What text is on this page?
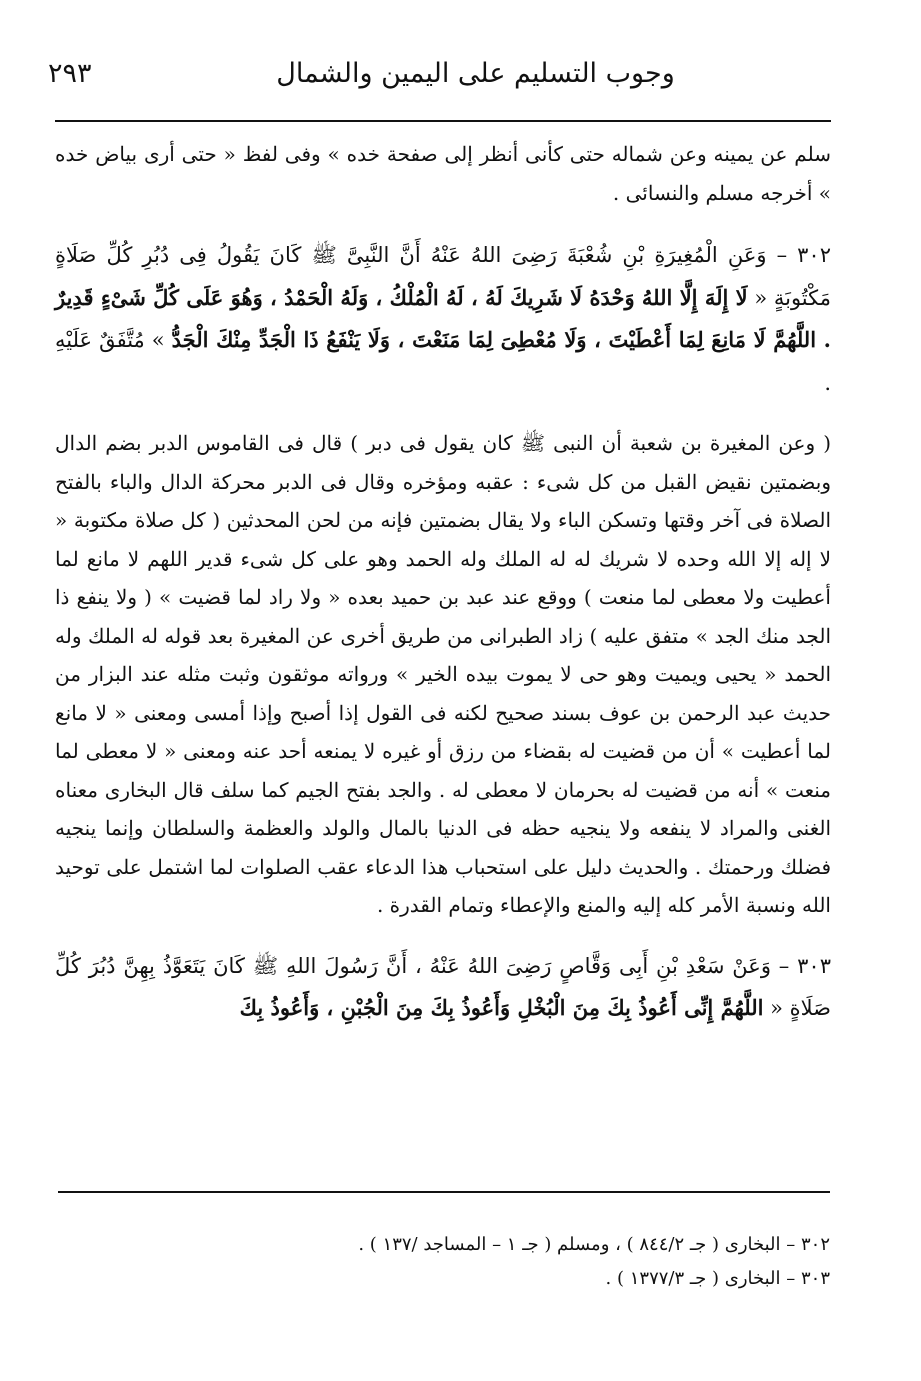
وجوب التسليم على اليمين والشمال
٢٩٣

سلم عن يمينه وعن شماله حتى كأنى أنظر إلى صفحة خده » وفى لفظ « حتى أرى بياض خده » أخرجه مسلم والنسائى .

٣٠٢ – وَعَنِ الْمُغِيرَةِ بْنِ شُعْبَةَ رَضِىَ اللهُ عَنْهُ أَنَّ النَّبِىَّ ﷺ كَانَ يَقُولُ فِى دُبُرِ كُلِّ صَلَاةٍ مَكْتُوبَةٍ « لَا إِلَهَ إِلَّا اللهُ وَحْدَهُ لَا شَرِيكَ لَهُ ، لَهُ الْمُلْكُ ، وَلَهُ الْحَمْدُ ، وَهُوَ عَلَى كُلِّ شَىْءٍ قَدِيرٌ . اللَّهُمَّ لَا مَانِعَ لِمَا أَعْطَيْتَ ، وَلَا مُعْطِىَ لِمَا مَنَعْتَ ، وَلَا يَنْفَعُ ذَا الْجَدِّ مِنْكَ الْجَدُّ » مُتَّفَقٌ عَلَيْهِ .

( وعن المغيرة بن شعبة أن النبى ﷺ كان يقول فى دبر ) قال فى القاموس الدبر بضم الدال وبضمتين نقيض القبل من كل شىء : عقبه ومؤخره وقال فى الدبر محركة الدال والباء بالفتح الصلاة فى آخر وقتها وتسكن الباء ولا يقال بضمتين فإنه من لحن المحدثين ( كل صلاة مكتوبة « لا إله إلا الله وحده لا شريك له له الملك وله الحمد وهو على كل شىء قدير اللهم لا مانع لما أعطيت ولا معطى لما منعت ) ووقع عند عبد بن حميد بعده « ولا راد لما قضيت » ( ولا ينفع ذا الجد منك الجد » متفق عليه ) زاد الطبرانى من طريق أخرى عن المغيرة بعد قوله له الملك وله الحمد « يحيى ويميت وهو حى لا يموت بيده الخير » ورواته موثقون وثبت مثله عند البزار من حديث عبد الرحمن بن عوف بسند صحيح لكنه فى القول إذا أصبح وإذا أمسى ومعنى « لا مانع لما أعطيت » أن من قضيت له بقضاء من رزق أو غيره لا يمنعه أحد عنه ومعنى « لا معطى لما منعت » أنه من قضيت له بحرمان لا معطى له . والجد بفتح الجيم كما سلف قال البخارى معناه الغنى والمراد لا ينفعه ولا ينجيه حظه فى الدنيا بالمال والولد والعظمة والسلطان وإنما ينجيه فضلك ورحمتك . والحديث دليل على استحباب هذا الدعاء عقب الصلوات لما اشتمل على توحيد الله ونسبة الأمر كله إليه والمنع والإعطاء وتمام القدرة .

٣٠٣ – وَعَنْ سَعْدِ بْنِ أَبِى وَقَّاصٍ رَضِىَ اللهُ عَنْهُ ، أَنَّ رَسُولَ اللهِ ﷺ كَانَ يَتَعَوَّذُ بِهِنَّ دُبُرَ كُلِّ صَلَاةٍ « اللَّهُمَّ إِنِّى أَعُوذُ بِكَ مِنَ الْبُخْلِ وَأَعُوذُ بِكَ مِنَ الْجُبْنِ ، وَأَعُوذُ بِكَ

٣٠٢ – البخارى ( جـ ٨٤٤/٢ ) ، ومسلم ( جـ ١ – المساجد /١٣٧ ) .

٣٠٣ – البخارى ( جـ ١٣٧٧/٣ ) .
